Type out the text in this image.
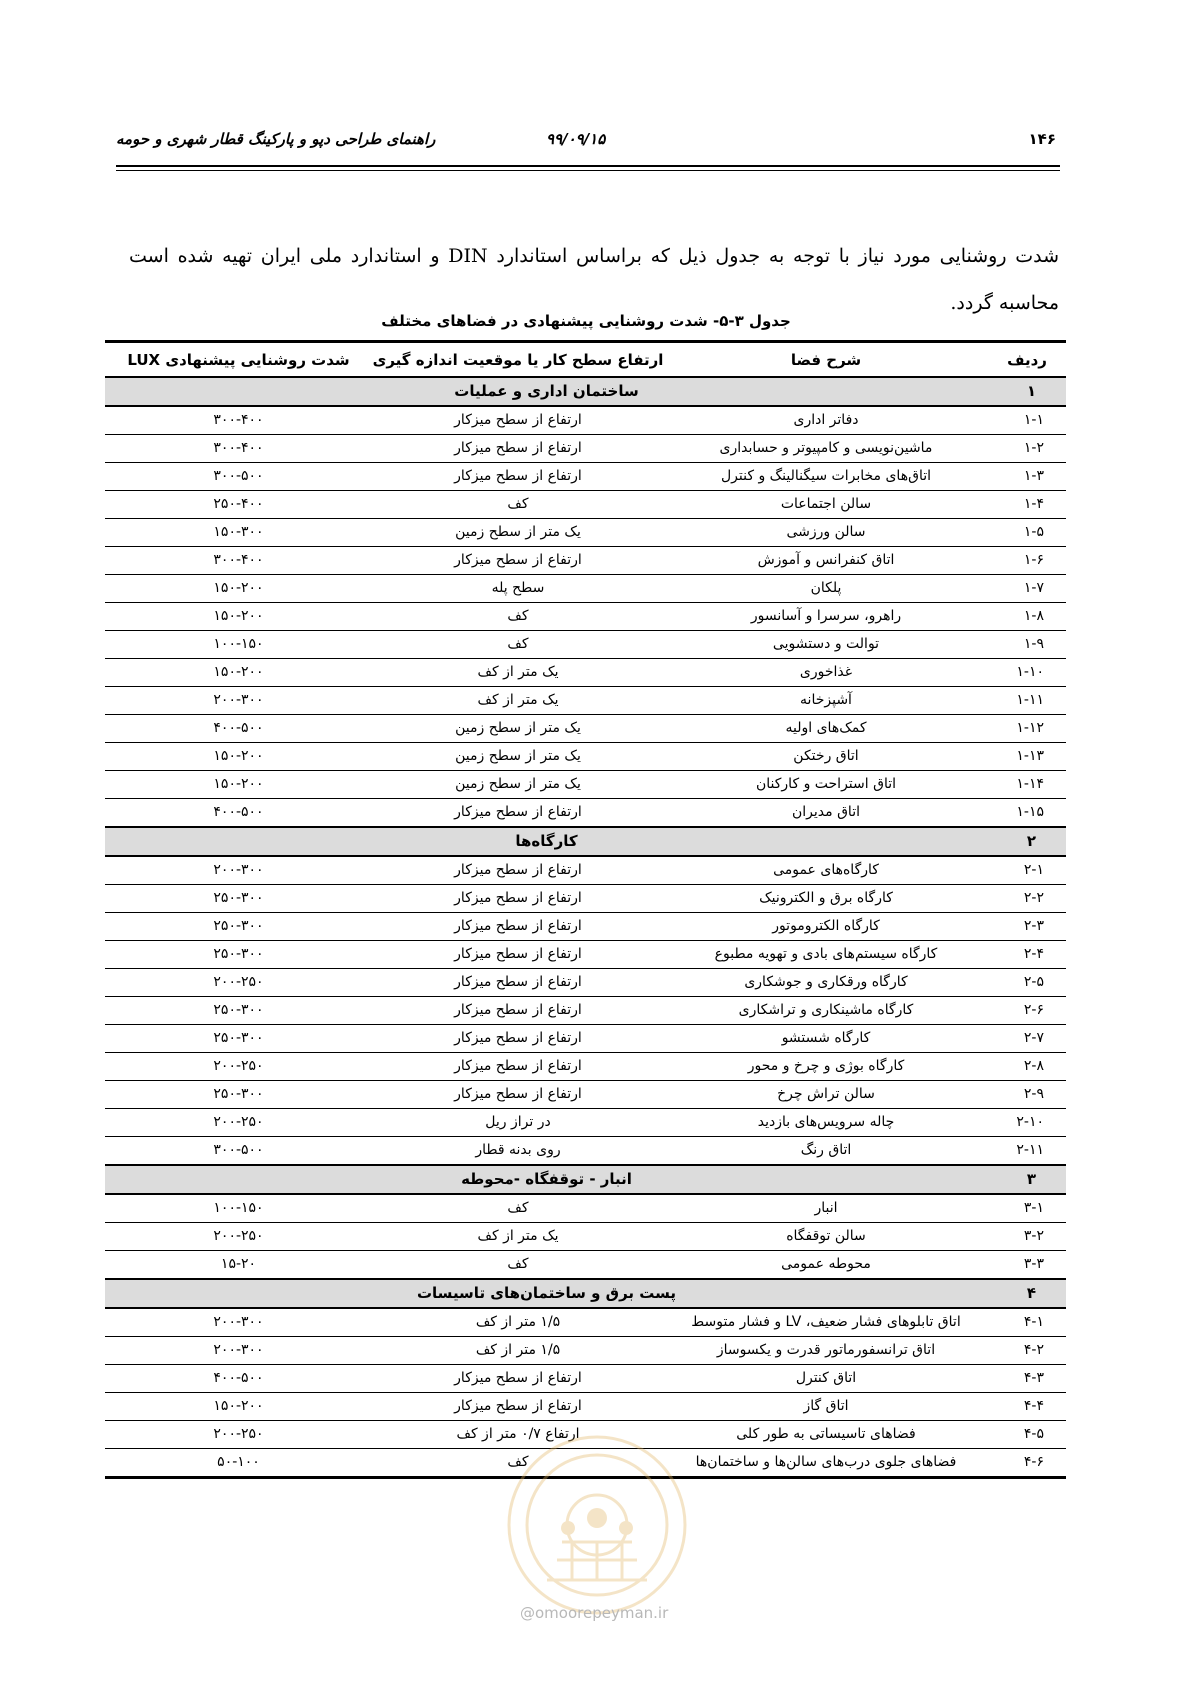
۱۴۶
۹۹/۰۹/۱۵
راهنمای طراحی دپو و پارکینگ قطار شهری و حومه

شدت روشنایی مورد نیاز با توجه به جدول ذیل که براساس استاندارد DIN و استاندارد ملی ایران تهیه شده است محاسبه گردد.

جدول ۳-۵- شدت روشنایی پیشنهادی در فضاهای مختلف
ردیف	شرح فضا	ارتفاع سطح کار یا موقعیت اندازه گیری	شدت روشنایی پیشنهادی LUX
۱	ساختمان اداری و عملیات		
۱-۱	دفاتر اداری	ارتفاع از سطح میزکار	۳۰۰-۴۰۰
۱-۲	ماشین‌نویسی و کامپیوتر و حسابداری	ارتفاع از سطح میزکار	۳۰۰-۴۰۰
۱-۳	اتاق‌های مخابرات سیگنالینگ و کنترل	ارتفاع از سطح میزکار	۳۰۰-۵۰۰
۱-۴	سالن اجتماعات	کف	۲۵۰-۴۰۰
۱-۵	سالن ورزشی	یک متر از سطح زمین	۱۵۰-۳۰۰
۱-۶	اتاق کنفرانس و آموزش	ارتفاع از سطح میزکار	۳۰۰-۴۰۰
۱-۷	پلکان	سطح پله	۱۵۰-۲۰۰
۱-۸	راهرو، سرسرا و آسانسور	کف	۱۵۰-۲۰۰
۱-۹	توالت و دستشویی	کف	۱۰۰-۱۵۰
۱-۱۰	غذاخوری	یک متر از کف	۱۵۰-۲۰۰
۱-۱۱	آشپزخانه	یک متر از کف	۲۰۰-۳۰۰
۱-۱۲	کمک‌های اولیه	یک متر از سطح زمین	۴۰۰-۵۰۰
۱-۱۳	اتاق رختکن	یک متر از سطح زمین	۱۵۰-۲۰۰
۱-۱۴	اتاق استراحت و کارکنان	یک متر از سطح زمین	۱۵۰-۲۰۰
۱-۱۵	اتاق مدیران	ارتفاع از سطح میزکار	۴۰۰-۵۰۰
۲	کارگاه‌ها		
۲-۱	کارگاه‌های عمومی	ارتفاع از سطح میزکار	۲۰۰-۳۰۰
۲-۲	کارگاه برق و الکترونیک	ارتفاع از سطح میزکار	۲۵۰-۳۰۰
۲-۳	کارگاه الکتروموتور	ارتفاع از سطح میزکار	۲۵۰-۳۰۰
۲-۴	کارگاه سیستم‌های بادی و تهویه مطبوع	ارتفاع از سطح میزکار	۲۵۰-۳۰۰
۲-۵	کارگاه ورقکاری و جوشکاری	ارتفاع از سطح میزکار	۲۰۰-۲۵۰
۲-۶	کارگاه ماشینکاری و تراشکاری	ارتفاع از سطح میزکار	۲۵۰-۳۰۰
۲-۷	کارگاه شستشو	ارتفاع از سطح میزکار	۲۵۰-۳۰۰
۲-۸	کارگاه بوژی و چرخ و محور	ارتفاع از سطح میزکار	۲۰۰-۲۵۰
۲-۹	سالن تراش چرخ	ارتفاع از سطح میزکار	۲۵۰-۳۰۰
۲-۱۰	چاله سرویس‌های بازدید	در تراز ریل	۲۰۰-۲۵۰
۲-۱۱	اتاق رنگ	روی بدنه قطار	۳۰۰-۵۰۰
۳	انبار - توقفگاه -محوطه		
۳-۱	انبار	کف	۱۰۰-۱۵۰
۳-۲	سالن توقفگاه	یک متر از کف	۲۰۰-۲۵۰
۳-۳	محوطه عمومی	کف	۱۵-۲۰
۴	پست برق و ساختمان‌های تاسیسات		
۴-۱	اتاق تابلوهای فشار ضعیف، LV و فشار متوسط	۱/۵ متر از کف	۲۰۰-۳۰۰
۴-۲	اتاق ترانسفورماتور قدرت و یکسوساز	۱/۵ متر از کف	۲۰۰-۳۰۰
۴-۳	اتاق کنترل	ارتفاع از سطح میزکار	۴۰۰-۵۰۰
۴-۴	اتاق گاز	ارتفاع از سطح میزکار	۱۵۰-۲۰۰
۴-۵	فضاهای تاسیساتی به طور کلی	ارتفاع ۰/۷ متر از کف	۲۰۰-۲۵۰
۴-۶	فضاهای جلوی درب‌های سالن‌ها و ساختمان‌ها	کف	۵۰-۱۰۰
@omoorepeyman.ir
